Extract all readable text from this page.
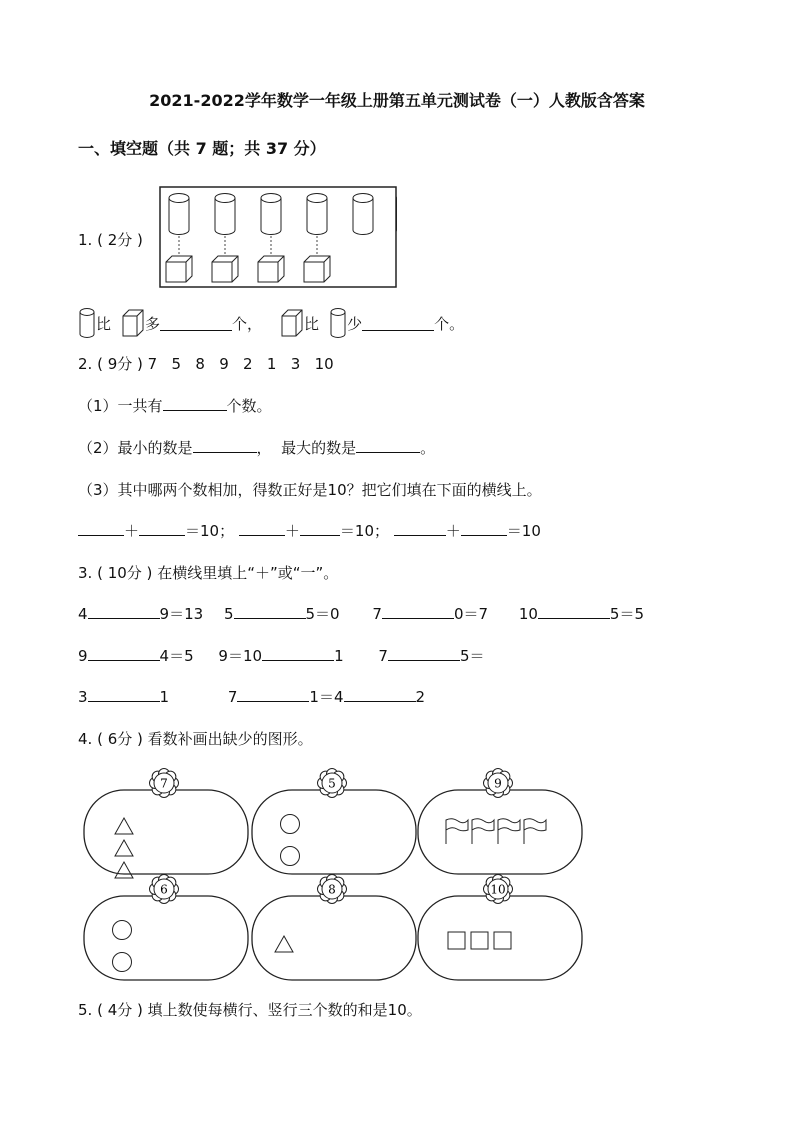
2021-2022学年数学一年级上册第五单元测试卷（一）人教版含答案
一、填空题（共 7 题；共 37 分）
1. ( 2分 )
比 多	个，	比 少	个。
2. ( 9分 ) 7   5   8   9   2   1   3   10
（1）一共有	个数。
（2）最小的数是	，  最大的数是	。
（3）其中哪两个数相加，得数正好是10？把它们填在下面的横线上。
＋	＝10；	＋	＝10；	＋	＝10
3. ( 10分 ) 在横线里填上“＋”或“一”。
4	9＝13 5	5＝0 7	0＝7 10	5＝5
9	4＝5 9＝10	1 7	5＝
3	1	7	1＝4	2
4. ( 6分 ) 看数补画出缺少的图形。
7	5	9
6	8	10
5. ( 4分 ) 填上数使每横行、竖行三个数的和是10。
